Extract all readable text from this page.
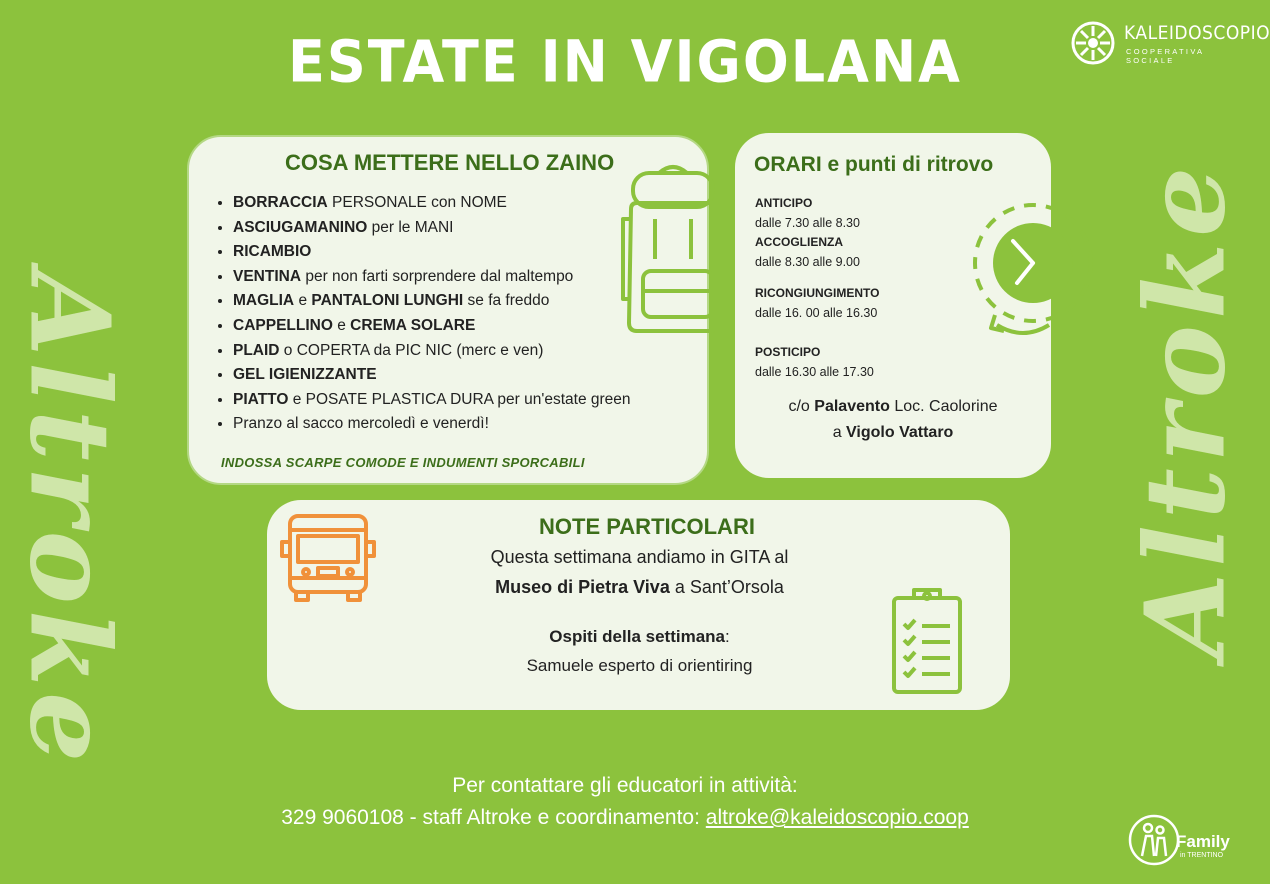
ESTATE IN VIGOLANA	KALEIDOSCOPIO
COOPERATIVA SOCIALE
Altroke	Altroke
COSA METTERE NELLO ZAINO
• BORRACCIA PERSONALE con NOME
• ASCIUGAMANINO per le MANI
• RICAMBIO
• VENTINA per non farti sorprendere dal maltempo
• MAGLIA e PANTALONI LUNGHI se fa freddo
• CAPPELLINO e CREMA SOLARE
• PLAID o COPERTA da PIC NIC (merc e ven)
• GEL IGIENIZZANTE
• PIATTO e POSATE PLASTICA DURA per un'estate green
• Pranzo al sacco mercoledì e venerdì!
INDOSSA SCARPE COMODE E INDUMENTI SPORCABILI
ORARI e punti di ritrovo
ANTICIPO
dalle 7.30 alle 8.30
ACCOGLIENZA
dalle 8.30 alle 9.00
RICONGIUNGIMENTO
dalle 16. 00 alle 16.30
POSTICIPO
dalle 16.30 alle 17.30
c/o Palavento Loc. Caolorine
a Vigolo Vattaro
NOTE PARTICOLARI
Questa settimana andiamo in GITA al
Museo di Pietra Viva a Sant’Orsola
Ospiti della settimana:
Samuele esperto di orientiring
Per contattare gli educatori in attività:
329 9060108 - staff Altroke e coordinamento: altroke@kaleidoscopio.coop
Family
in TRENTINO
